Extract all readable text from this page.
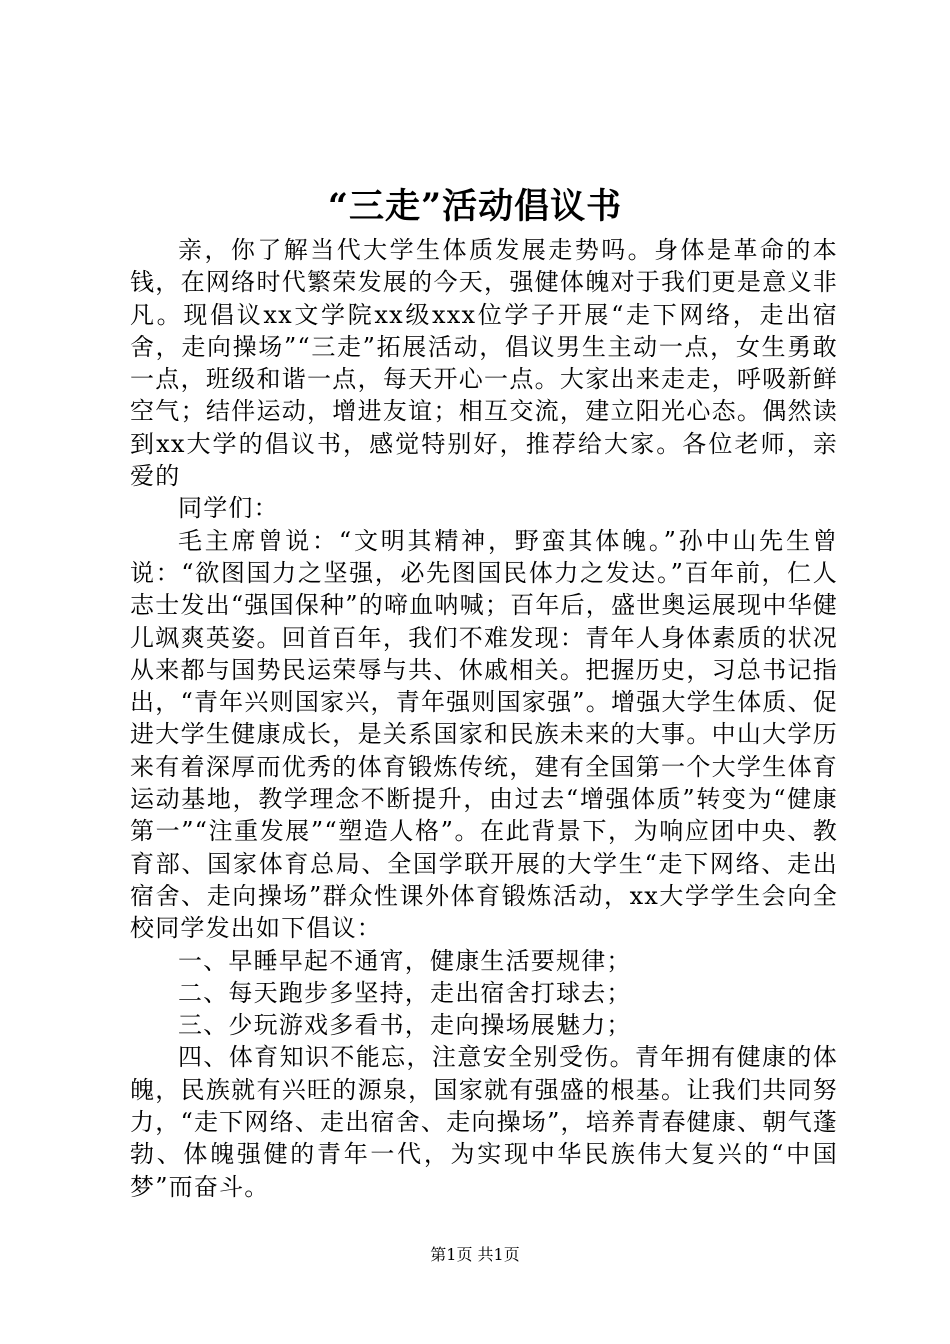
“三走”活动倡议书

亲，你了解当代大学生体质发展走势吗。身体是革命的本钱，在网络时代繁荣发展的今天，强健体魄对于我们更是意义非凡。现倡议xx文学院xx级xxx位学子开展“走下网络，走出宿舍，走向操场”“三走”拓展活动，倡议男生主动一点，女生勇敢一点，班级和谐一点，每天开心一点。大家出来走走，呼吸新鲜空气；结伴运动，增进友谊；相互交流，建立阳光心态。偶然读到xx大学的倡议书，感觉特别好，推荐给大家。各位老师，亲爱的

同学们：

毛主席曾说：“文明其精神，野蛮其体魄。”孙中山先生曾说：“欲图国力之坚强，必先图国民体力之发达。”百年前，仁人志士发出“强国保种”的啼血呐喊；百年后，盛世奥运展现中华健儿飒爽英姿。回首百年，我们不难发现：青年人身体素质的状况从来都与国势民运荣辱与共、休戚相关。把握历史，习总书记指出，“青年兴则国家兴，青年强则国家强”。增强大学生体质、促进大学生健康成长，是关系国家和民族未来的大事。中山大学历来有着深厚而优秀的体育锻炼传统，建有全国第一个大学生体育运动基地，教学理念不断提升，由过去“增强体质”转变为“健康第一”“注重发展”“塑造人格”。在此背景下，为响应团中央、教育部、国家体育总局、全国学联开展的大学生“走下网络、走出宿舍、走向操场”群众性课外体育锻炼活动，xx大学学生会向全校同学发出如下倡议：

一、早睡早起不通宵，健康生活要规律；

二、每天跑步多坚持，走出宿舍打球去；

三、少玩游戏多看书，走向操场展魅力；

四、体育知识不能忘，注意安全别受伤。青年拥有健康的体魄，民族就有兴旺的源泉，国家就有强盛的根基。让我们共同努力，“走下网络、走出宿舍、走向操场”，培养青春健康、朝气蓬勃、体魄强健的青年一代，为实现中华民族伟大复兴的“中国梦”而奋斗。

第1页 共1页
